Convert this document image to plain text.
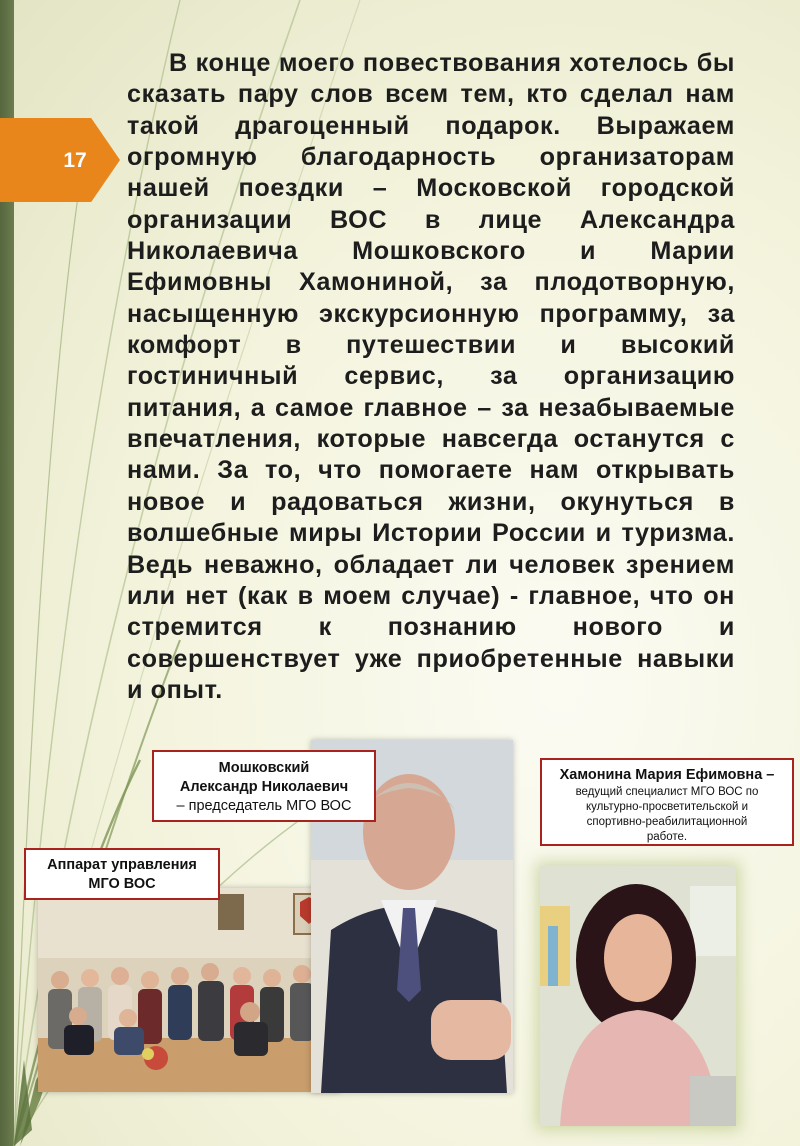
17

В конце моего повествования хотелось бы сказать пару слов всем тем, кто сделал нам такой драгоценный подарок. Выражаем огромную благодарность организаторам нашей поездки – Московской городской организации ВОС в лице Александра Николаевича Мошковского и Марии Ефимовны Хамониной, за плодотворную, насыщенную экскурсионную программу, за комфорт в путешествии и высокий гостиничный сервис, за организацию питания, а самое главное – за незабываемые впечатления, которые навсегда останутся с нами. За то, что помогаете нам открывать новое и радоваться жизни, окунуться в волшебные миры Истории России и туризма. Ведь неважно, обладает ли человек зрением или нет (как в моем случае) - главное, что он стремится к познанию нового и совершенствует уже приобретенные навыки и опыт.

Мошковский
Александр Николаевич
– председатель МГО ВОС
Аппарат управления
МГО ВОС
Хамонина Мария Ефимовна –
ведущий специалист МГО ВОС по
культурно-просветительской и
спортивно-реабилитационной
работе.
